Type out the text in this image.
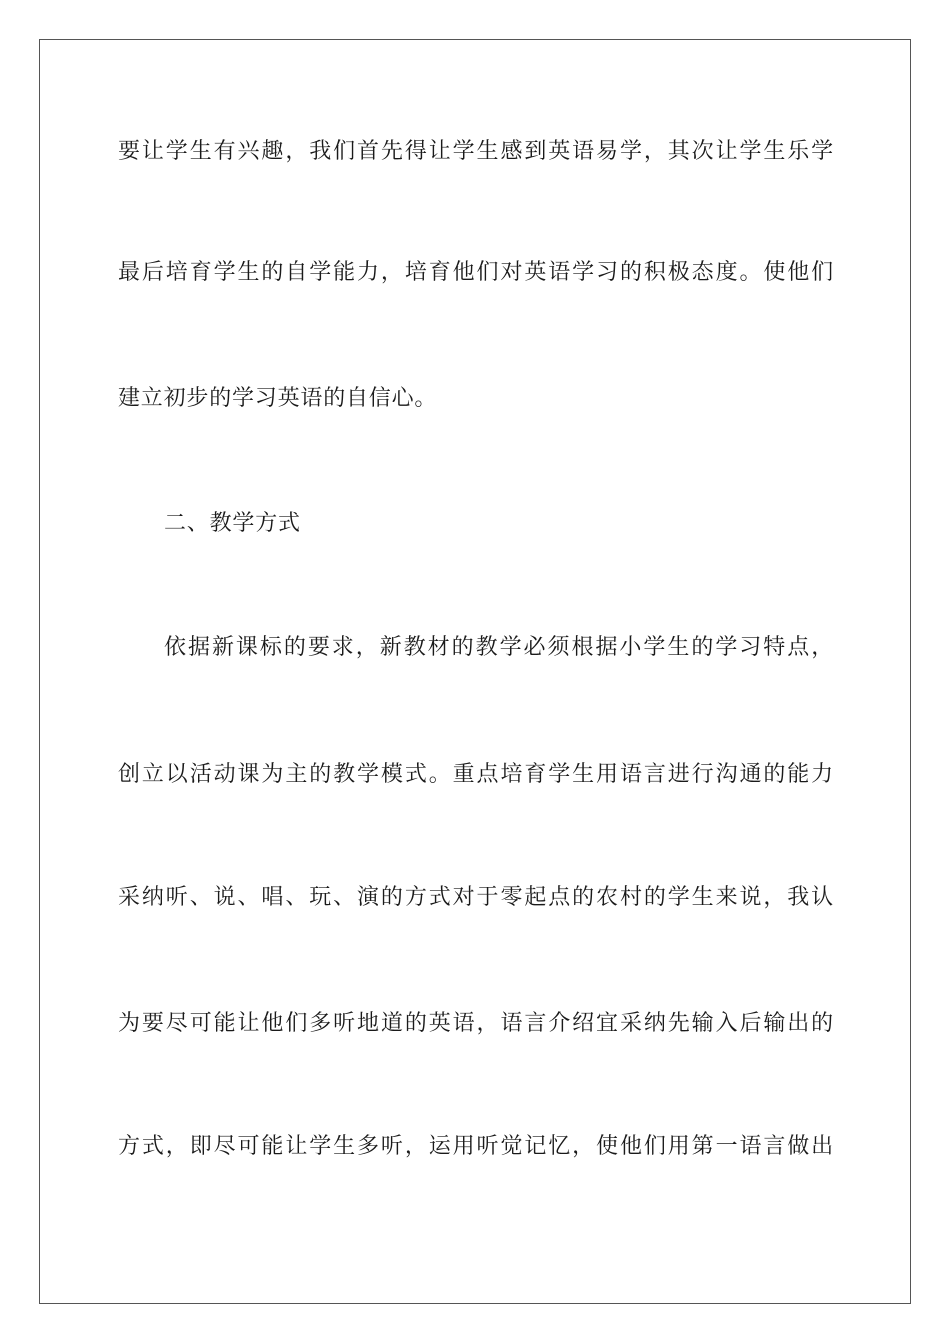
要让学生有兴趣，我们首先得让学生感到英语易学，其次让学生乐学
最后培育学生的自学能力，培育他们对英语学习的积极态度。使他们
建立初步的学习英语的自信心。
二、教学方式
依据新课标的要求，新教材的教学必须根据小学生的学习特点，
创立以活动课为主的教学模式。重点培育学生用语言进行沟通的能力
采纳听、说、唱、玩、演的方式对于零起点的农村的学生来说，我认
为要尽可能让他们多听地道的英语，语言介绍宜采纳先输入后输出的
方式，即尽可能让学生多听，运用听觉记忆，使他们用第一语言做出
